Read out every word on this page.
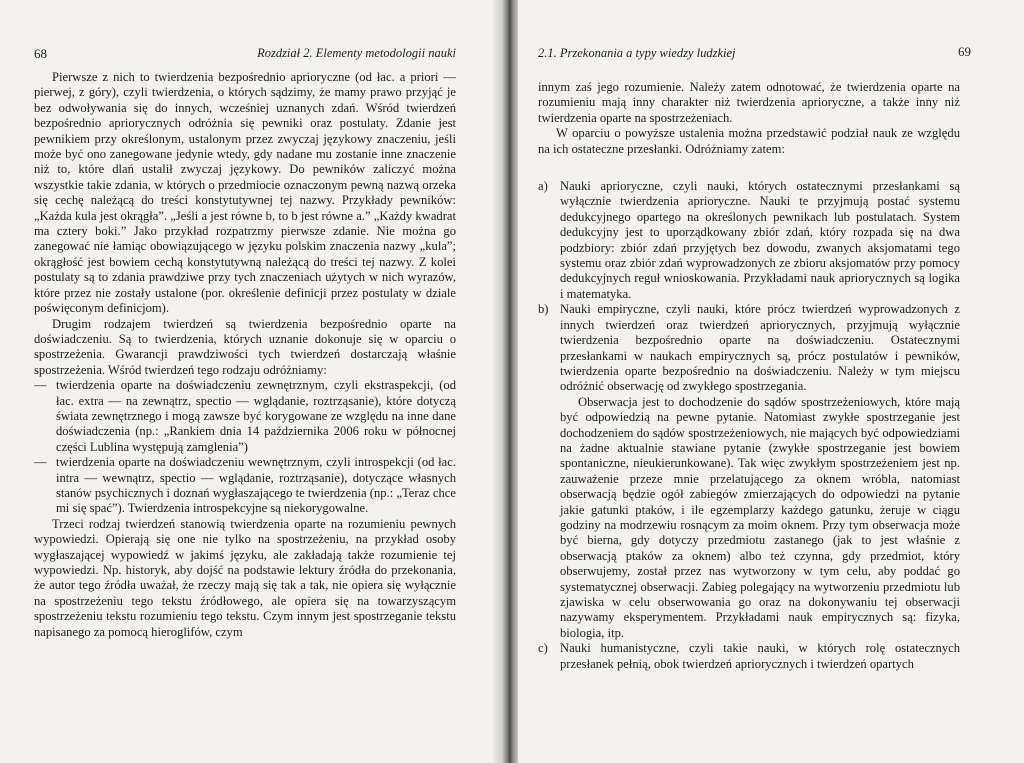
68	Rozdział 2. Elementy metodologii nauki

Pierwsze z nich to twierdzenia bezpośrednio aprioryczne (od łac. a priori — pierwej, z góry), czyli twierdzenia, o których sądzimy, że mamy prawo przyjąć je bez odwoływania się do innych, wcześniej uznanych zdań. Wśród twierdzeń bezpośrednio apriorycznych odróżnia się pewniki oraz postulaty. Zdanie jest pewnikiem przy określonym, ustalonym przez zwyczaj językowy znaczeniu, jeśli może być ono zanegowane jedynie wtedy, gdy nadane mu zostanie inne znaczenie niż to, które dlań ustalił zwyczaj językowy. Do pewników zaliczyć można wszystkie takie zdania, w których o przedmiocie oznaczonym pewną nazwą orzeka się cechę należącą do treści konstytutywnej tej nazwy. Przykłady pewników: „Każda kula jest okrągła”. „Jeśli a jest równe b, to b jest równe a.” „Każdy kwadrat ma cztery boki.” Jako przykład rozpatrzmy pierwsze zdanie. Nie można go zanegować nie łamiąc obowiązującego w języku polskim znaczenia nazwy „kula”; okrągłość jest bowiem cechą konstytutywną należącą do treści tej nazwy. Z kolei postulaty są to zdania prawdziwe przy tych znaczeniach użytych w nich wyrazów, które przez nie zostały ustalone (por. określenie definicji przez postulaty w dziale poświęconym definicjom).

Drugim rodzajem twierdzeń są twierdzenia bezpośrednio oparte na doświadczeniu. Są to twierdzenia, których uznanie dokonuje się w oparciu o spostrzeżenia. Gwarancji prawdziwości tych twierdzeń dostarczają właśnie spostrzeżenia. Wśród twierdzeń tego rodzaju odróżniamy:

— twierdzenia oparte na doświadczeniu zewnętrznym, czyli ekstraspekcji, (od łac. extra — na zewnątrz, spectio — wglądanie, roztrząsanie), które dotyczą świata zewnętrznego i mogą zawsze być korygowane ze względu na inne dane doświadczenia (np.: „Rankiem dnia 14 października 2006 roku w północnej części Lublina występują zamglenia”)
— twierdzenia oparte na doświadczeniu wewnętrznym, czyli introspekcji (od łac. intra — wewnątrz, spectio — wglądanie, roztrząsanie), dotyczące własnych stanów psychicznych i doznań wygłaszającego te twierdzenia (np.: „Teraz chce mi się spać”). Twierdzenia introspekcyjne są niekorygowalne.

Trzeci rodzaj twierdzeń stanowią twierdzenia oparte na rozumieniu pewnych wypowiedzi. Opierają się one nie tylko na spostrzeżeniu, na przykład osoby wygłaszającej wypowiedź w jakimś języku, ale zakładają także rozumienie tej wypowiedzi. Np. historyk, aby dojść na podstawie lektury źródła do przekonania, że autor tego źródła uważał, że rzeczy mają się tak a tak, nie opiera się wyłącznie na spostrzeżeniu tego tekstu źródłowego, ale opiera się na towarzyszącym spostrzeżeniu tekstu rozumieniu tego tekstu. Czym innym jest spostrzeganie tekstu napisanego za pomocą hieroglifów, czym

2.1. Przekonania a typy wiedzy ludzkiej	69

innym zaś jego rozumienie. Należy zatem odnotować, że twierdzenia oparte na rozumieniu mają inny charakter niż twierdzenia aprioryczne, a także inny niż twierdzenia oparte na spostrzeżeniach.

W oparciu o powyższe ustalenia można przedstawić podział nauk ze względu na ich ostateczne przesłanki. Odróżniamy zatem:

a) Nauki aprioryczne, czyli nauki, których ostatecznymi przesłankami są wyłącznie twierdzenia aprioryczne. Nauki te przyjmują postać systemu dedukcyjnego opartego na określonych pewnikach lub postulatach. System dedukcyjny jest to uporządkowany zbiór zdań, który rozpada się na dwa podzbiory: zbiór zdań przyjętych bez dowodu, zwanych aksjomatami tego systemu oraz zbiór zdań wyprowadzonych ze zbioru aksjomatów przy pomocy dedukcyjnych reguł wnioskowania. Przykładami nauk apriorycznych są logika i matematyka.

b) Nauki empiryczne, czyli nauki, które prócz twierdzeń wyprowadzonych z innych twierdzeń oraz twierdzeń apriorycznych, przyjmują wyłącznie twierdzenia bezpośrednio oparte na doświadczeniu. Ostatecznymi przesłankami w naukach empirycznych są, prócz postulatów i pewników, twierdzenia oparte bezpośrednio na doświadczeniu. Należy w tym miejscu odróżnić obserwację od zwykłego spostrzegania.

Obserwacja jest to dochodzenie do sądów spostrzeżeniowych, które mają być odpowiedzią na pewne pytanie. Natomiast zwykłe spostrzeganie jest dochodzeniem do sądów spostrzeżeniowych, nie mających być odpowiedziami na żadne aktualnie stawiane pytanie (zwykłe spostrzeganie jest bowiem spontaniczne, nieukierunkowane). Tak więc zwykłym spostrzeżeniem jest np. zauważenie przeze mnie przelatującego za oknem wróbla, natomiast obserwacją będzie ogół zabiegów zmierzających do odpowiedzi na pytanie jakie gatunki ptaków, i ile egzemplarzy każdego gatunku, żeruje w ciągu godziny na modrzewiu rosnącym za moim oknem. Przy tym obserwacja może być bierna, gdy dotyczy przedmiotu zastanego (jak to jest właśnie z obserwacją ptaków za oknem) albo też czynna, gdy przedmiot, który obserwujemy, został przez nas wytworzony w tym celu, aby poddać go systematycznej obserwacji. Zabieg polegający na wytworzeniu przedmiotu lub zjawiska w celu obserwowania go oraz na dokonywaniu tej obserwacji nazywamy eksperymentem. Przykładami nauk empirycznych są: fizyka, biologia, itp.

c) Nauki humanistyczne, czyli takie nauki, w których rolę ostatecznych przesłanek pełnią, obok twierdzeń apriorycznych i twierdzeń opartych
